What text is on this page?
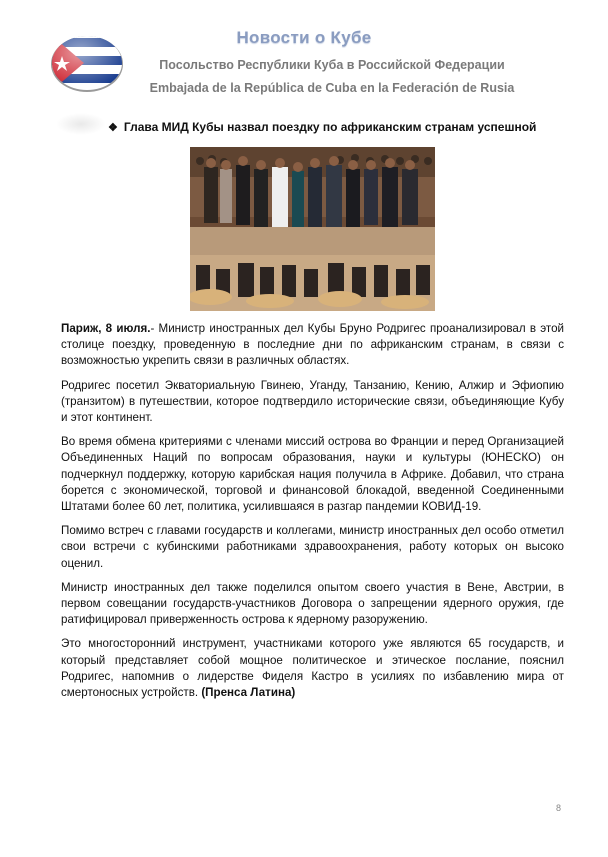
Новости о Кубе
Посольство Республики Куба в Российской Федерации
Embajada de la República de Cuba en la Federación de Rusia
❖ Глава МИД Кубы назвал поездку по африканским странам успешной

Париж, 8 июля.- Министр иностранных дел Кубы Бруно Родригес проанализировал в этой столице поездку, проведенную в последние дни по африканским странам, в связи с возможностью укрепить связи в различных областях.

Родригес посетил Экваториальную Гвинею, Уганду, Танзанию, Кению, Алжир и Эфиопию (транзитом) в путешествии, которое подтвердило исторические связи, объединяющие Кубу и этот континент.

Во время обмена критериями с членами миссий острова во Франции и перед Организацией Объединенных Наций по вопросам образования, науки и культуры (ЮНЕСКО) он подчеркнул поддержку, которую карибская нация получила в Африке. Добавил, что страна борется с экономической, торговой и финансовой блокадой, введенной Соединенными Штатами более 60 лет, политика, усилившаяся в разгар пандемии КОВИД-19.

Помимо встреч с главами государств и коллегами, министр иностранных дел особо отметил свои встречи с кубинскими работниками здравоохранения, работу которых он высоко оценил.

Министр иностранных дел также поделился опытом своего участия в Вене, Австрии, в первом совещании государств-участников Договора о запрещении ядерного оружия, где ратифицировал приверженность острова к ядерному разоружению.

Это многосторонний инструмент, участниками которого уже являются 65 государств, и который представляет собой мощное политическое и этическое послание, пояснил Родригес, напомнив о лидерстве Фиделя Кастро в усилиях по избавлению мира от смертоносных устройств. (Пренса Латина)

8
